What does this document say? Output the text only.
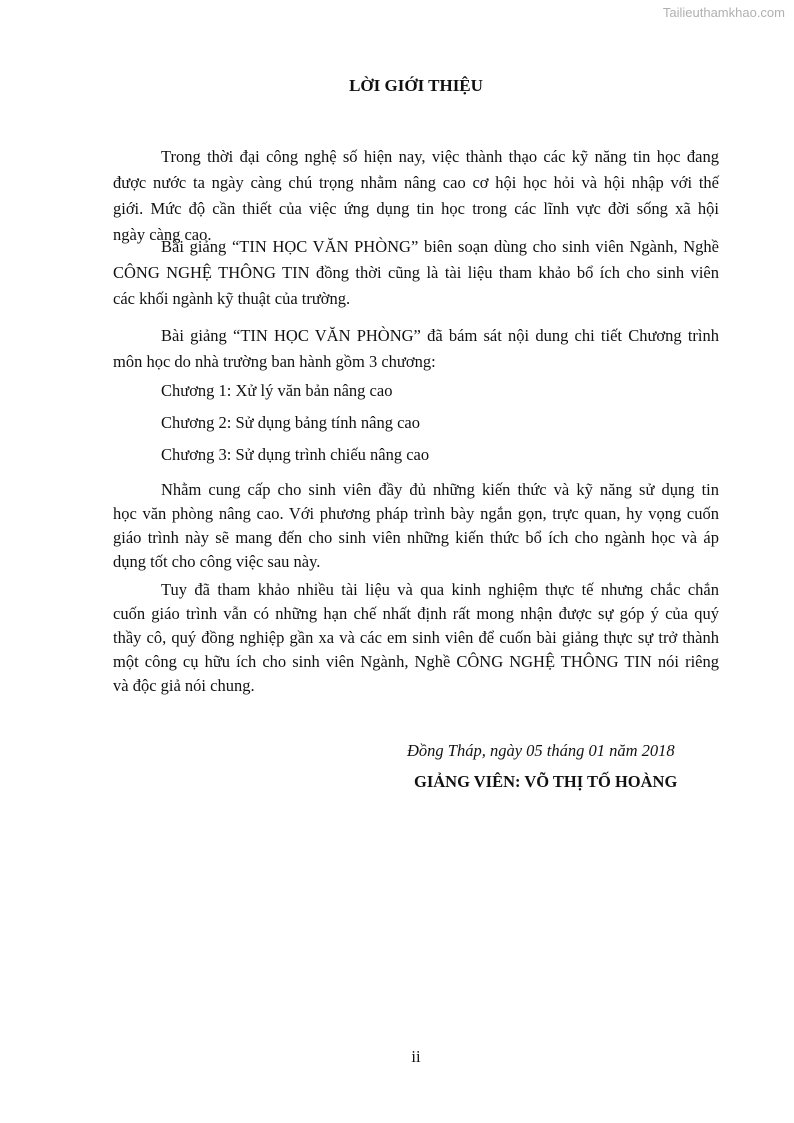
Tailieuthamkhao.com
LỜI GIỚI THIỆU
Trong thời đại công nghệ số hiện nay, việc thành thạo các kỹ năng tin học đang
được nước ta ngày càng chú trọng nhằm nâng cao cơ hội học hỏi và hội nhập với thế
giới. Mức độ cần thiết của việc ứng dụng tin học trong các lĩnh vực đời sống xã hội
ngày càng cao.
Bài giảng “TIN HỌC VĂN PHÒNG” biên soạn dùng cho sinh viên Ngành, Nghề
CÔNG NGHỆ THÔNG TIN đồng thời cũng là tài liệu tham khảo bổ ích cho sinh viên
các khối ngành kỹ thuật của trường.
Bài giảng “TIN HỌC VĂN PHÒNG” đã bám sát nội dung chi tiết Chương trình
môn học do nhà trường ban hành gồm 3 chương:
Chương 1: Xử lý văn bản nâng cao
Chương 2: Sử dụng bảng tính nâng cao
Chương 3: Sử dụng trình chiếu nâng cao
Nhằm cung cấp cho sinh viên đầy đủ những kiến thức và kỹ năng sử dụng tin
học văn phòng nâng cao. Với phương pháp trình bày ngắn gọn, trực quan, hy vọng cuốn
giáo trình này sẽ mang đến cho sinh viên những kiến thức bổ ích cho ngành học và áp
dụng tốt cho công việc sau này.
Tuy đã tham khảo nhiều tài liệu và qua kinh nghiệm thực tế nhưng chắc chắn
cuốn giáo trình vẫn có những hạn chế nhất định rất mong nhận được sự góp ý của quý
thầy cô, quý đồng nghiệp gần xa và các em sinh viên để cuốn bài giảng thực sự trở thành
một công cụ hữu ích cho sinh viên Ngành, Nghề CÔNG NGHỆ THÔNG TIN nói riêng
và độc giả nói chung.
Đồng Tháp, ngày 05 tháng 01 năm 2018
GIẢNG VIÊN: VÕ THỊ TỐ HOÀNG
ii
